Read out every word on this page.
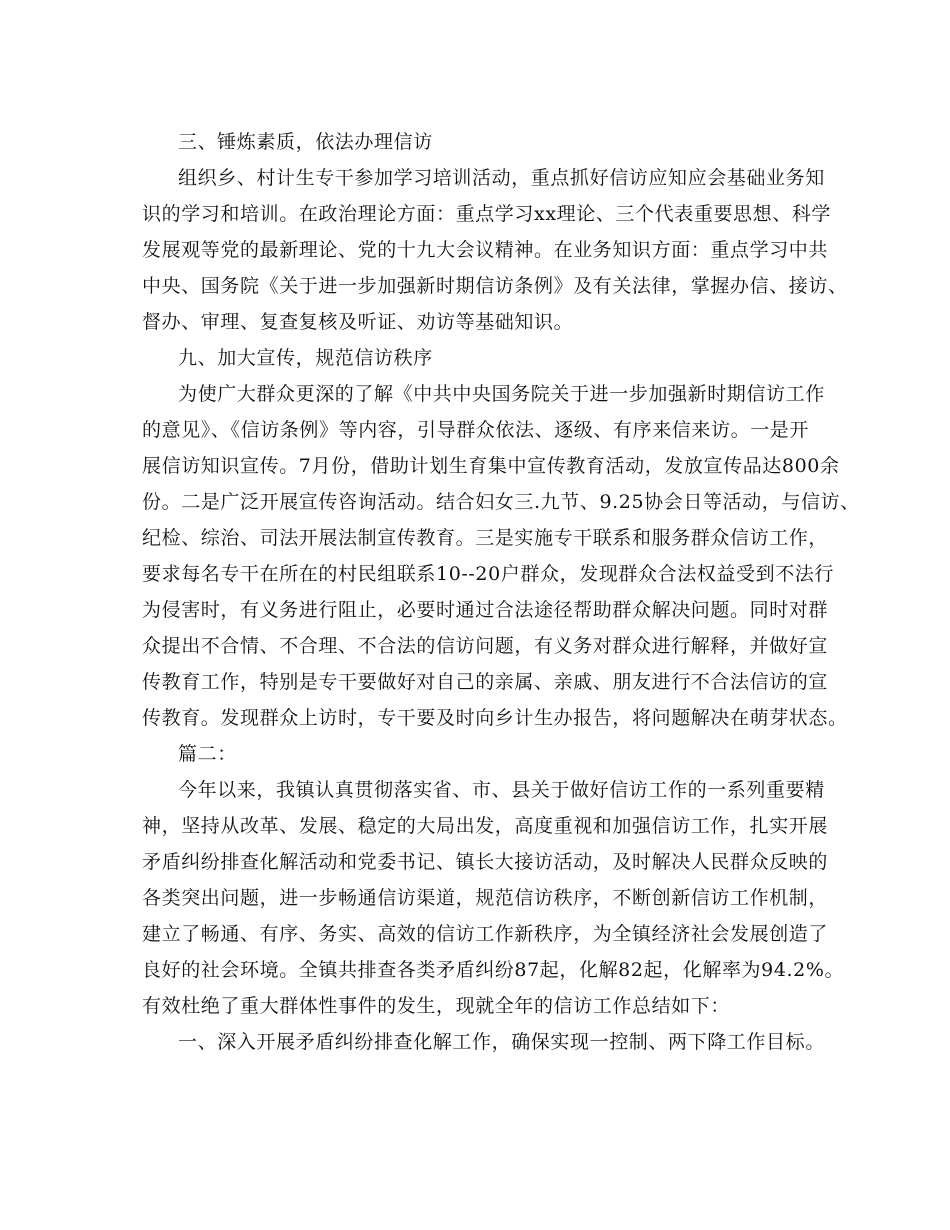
三、锤炼素质，依法办理信访
组织乡、村计生专干参加学习培训活动，重点抓好信访应知应会基础业务知
识的学习和培训。在政治理论方面：重点学习xx理论、三个代表重要思想、科学
发展观等党的最新理论、党的十九大会议精神。在业务知识方面：重点学习中共
中央、国务院《关于进一步加强新时期信访条例》及有关法律，掌握办信、接访、
督办、审理、复查复核及听证、劝访等基础知识。
九、加大宣传，规范信访秩序
为使广大群众更深的了解《中共中央国务院关于进一步加强新时期信访工作
的意见》、《信访条例》等内容，引导群众依法、逐级、有序来信来访。一是开
展信访知识宣传。7月份，借助计划生育集中宣传教育活动，发放宣传品达800余
份。二是广泛开展宣传咨询活动。结合妇女三.九节、9.25协会日等活动，与信访、
纪检、综治、司法开展法制宣传教育。三是实施专干联系和服务群众信访工作，
要求每名专干在所在的村民组联系10--20户群众，发现群众合法权益受到不法行
为侵害时，有义务进行阻止，必要时通过合法途径帮助群众解决问题。同时对群
众提出不合情、不合理、不合法的信访问题，有义务对群众进行解释，并做好宣
传教育工作，特别是专干要做好对自己的亲属、亲戚、朋友进行不合法信访的宣
传教育。发现群众上访时，专干要及时向乡计生办报告，将问题解决在萌芽状态。
篇二：
今年以来，我镇认真贯彻落实省、市、县关于做好信访工作的一系列重要精
神，坚持从改革、发展、稳定的大局出发，高度重视和加强信访工作，扎实开展
矛盾纠纷排查化解活动和党委书记、镇长大接访活动，及时解决人民群众反映的
各类突出问题，进一步畅通信访渠道，规范信访秩序，不断创新信访工作机制，
建立了畅通、有序、务实、高效的信访工作新秩序，为全镇经济社会发展创造了
良好的社会环境。全镇共排查各类矛盾纠纷87起，化解82起，化解率为94.2%。
有效杜绝了重大群体性事件的发生，现就全年的信访工作总结如下：
一、深入开展矛盾纠纷排查化解工作，确保实现一控制、两下降工作目标。
